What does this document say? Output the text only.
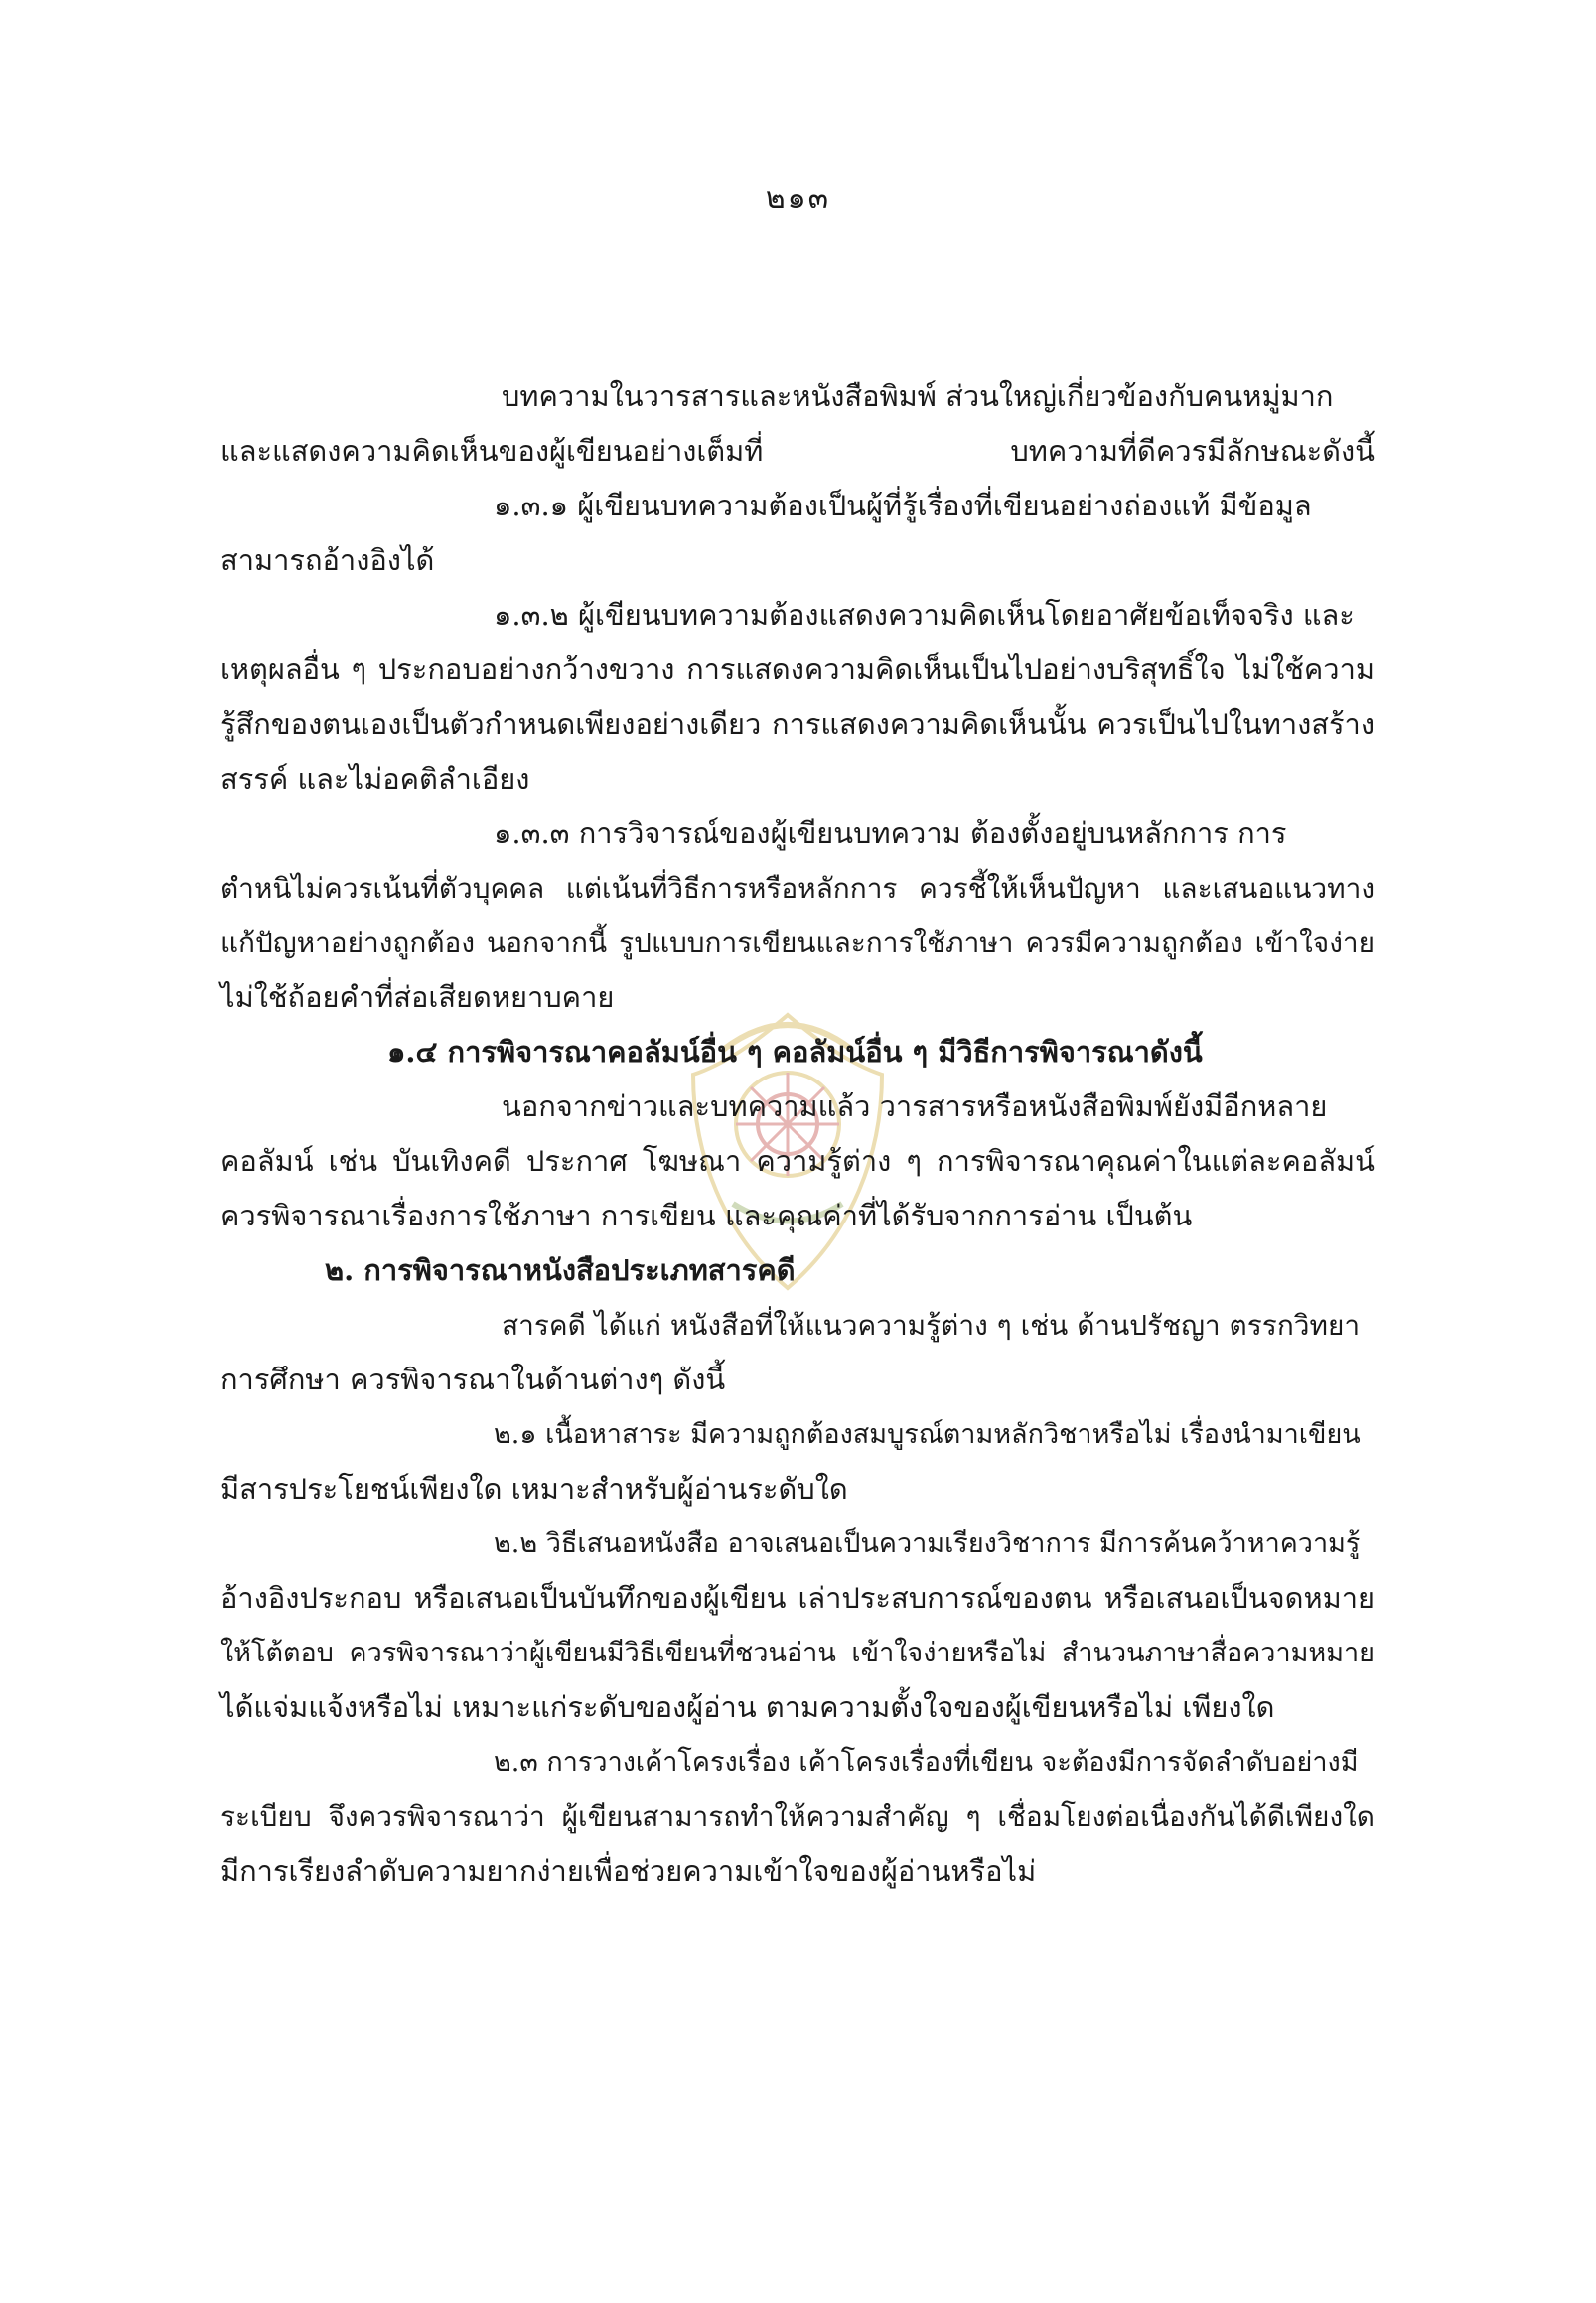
๒๑๓

บทความในวารสารและหนังสือพิมพ์ ส่วนใหญ่เกี่ยวข้องกับคนหมู่มาก

และแสดงความคิดเห็นของผู้เขียนอย่างเต็มที่ บทความที่ดีควรมีลักษณะดังนี้

๑.๓.๑ ผู้เขียนบทความต้องเป็นผู้ที่รู้เรื่องที่เขียนอย่างถ่องแท้ มีข้อมูล

สามารถอ้างอิงได้

๑.๓.๒ ผู้เขียนบทความต้องแสดงความคิดเห็นโดยอาศัยข้อเท็จจริง และ

เหตุผลอื่น ๆ ประกอบอย่างกว้างขวาง การแสดงความคิดเห็นเป็นไปอย่างบริสุทธิ์ใจ ไม่ใช้ความ

รู้สึกของตนเองเป็นตัวกำหนดเพียงอย่างเดียว การแสดงความคิดเห็นนั้น ควรเป็นไปในทางสร้าง

สรรค์ และไม่อคติลำเอียง

๑.๓.๓ การวิจารณ์ของผู้เขียนบทความ ต้องตั้งอยู่บนหลักการ การ

ตำหนิไม่ควรเน้นที่ตัวบุคคล แต่เน้นที่วิธีการหรือหลักการ ควรชี้ให้เห็นปัญหา และเสนอแนวทาง

แก้ปัญหาอย่างถูกต้อง นอกจากนี้ รูปแบบการเขียนและการใช้ภาษา ควรมีความถูกต้อง เข้าใจง่าย

ไม่ใช้ถ้อยคำที่ส่อเสียดหยาบคาย

๑.๔ การพิจารณาคอลัมน์อื่น ๆ คอลัมน์อื่น ๆ มีวิธีการพิจารณาดังนี้

นอกจากข่าวและบทความแล้ว วารสารหรือหนังสือพิมพ์ยังมีอีกหลาย

คอลัมน์ เช่น บันเทิงคดี ประกาศ โฆษณา ความรู้ต่าง ๆ การพิจารณาคุณค่าในแต่ละคอลัมน์

ควรพิจารณาเรื่องการใช้ภาษา การเขียน และคุณค่าที่ได้รับจากการอ่าน เป็นต้น

๒. การพิจารณาหนังสือประเภทสารคดี

สารคดี ได้แก่ หนังสือที่ให้แนวความรู้ต่าง ๆ เช่น ด้านปรัชญา ตรรกวิทยา

การศึกษา ควรพิจารณาในด้านต่างๆ ดังนี้

๒.๑ เนื้อหาสาระ มีความถูกต้องสมบูรณ์ตามหลักวิชาหรือไม่ เรื่องนำมาเขียน

มีสารประโยชน์เพียงใด เหมาะสำหรับผู้อ่านระดับใด

๒.๒ วิธีเสนอหนังสือ อาจเสนอเป็นความเรียงวิชาการ มีการค้นคว้าหาความรู้

อ้างอิงประกอบ หรือเสนอเป็นบันทึกของผู้เขียน เล่าประสบการณ์ของตน หรือเสนอเป็นจดหมาย

ให้โต้ตอบ ควรพิจารณาว่าผู้เขียนมีวิธีเขียนที่ชวนอ่าน เข้าใจง่ายหรือไม่ สำนวนภาษาสื่อความหมาย

ได้แจ่มแจ้งหรือไม่ เหมาะแก่ระดับของผู้อ่าน ตามความตั้งใจของผู้เขียนหรือไม่ เพียงใด

๒.๓ การวางเค้าโครงเรื่อง เค้าโครงเรื่องที่เขียน จะต้องมีการจัดลำดับอย่างมี

ระเบียบ จึงควรพิจารณาว่า ผู้เขียนสามารถทำให้ความสำคัญ ๆ เชื่อมโยงต่อเนื่องกันได้ดีเพียงใด

มีการเรียงลำดับความยากง่ายเพื่อช่วยความเข้าใจของผู้อ่านหรือไม่
